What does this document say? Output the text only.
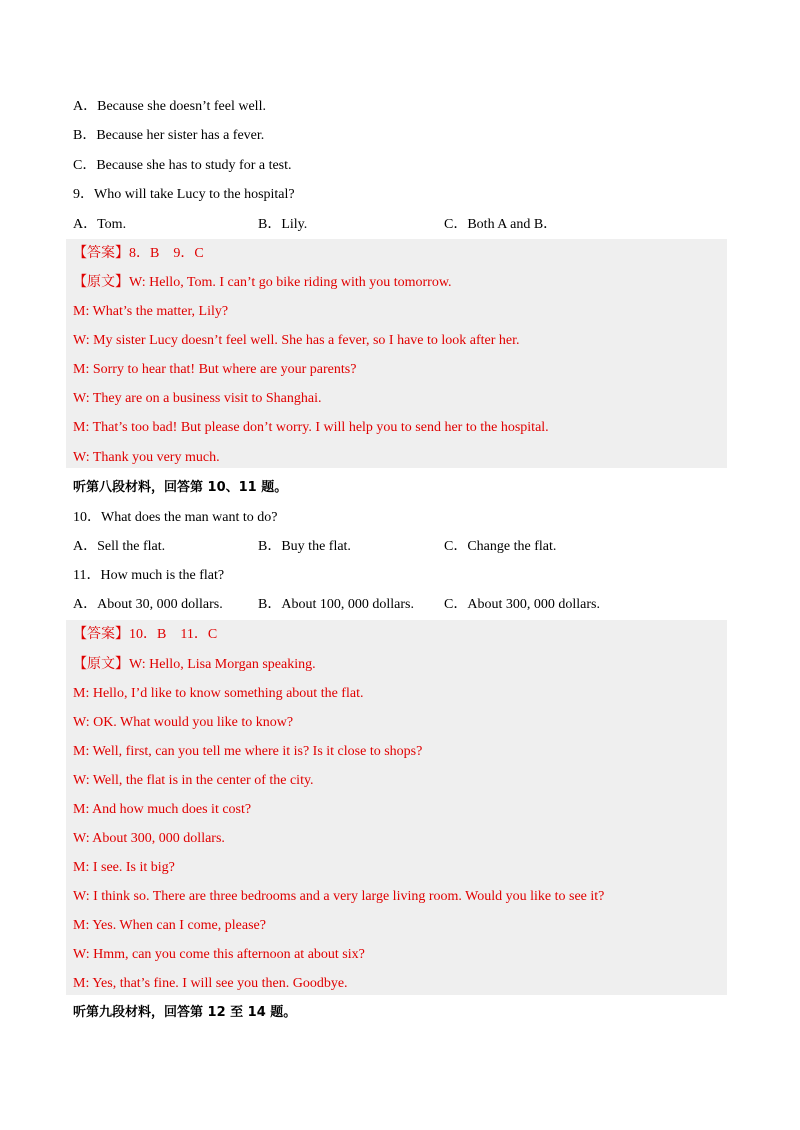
A．Because she doesn’t feel well.
B．Because her sister has a fever.
C．Because she has to study for a test.
9．Who will take Lucy to the hospital?
A．Tom.	B．Lily.	C．Both A and B．
【答案】8．B　9．C
【原文】W: Hello, Tom. I can’t go bike riding with you tomorrow.
M: What’s the matter, Lily?
W: My sister Lucy doesn’t feel well. She has a fever, so I have to look after her.
M: Sorry to hear that! But where are your parents?
W: They are on a business visit to Shanghai.
M: That’s too bad! But please don’t worry. I will help you to send her to the hospital.
W: Thank you very much.
听第八段材料，回答第 10、11 题。
10．What does the man want to do?
A．Sell the flat.	B．Buy the flat.	C．Change the flat.
11．How much is the flat?
A．About 30, 000 dollars.	B．About 100, 000 dollars. C．About 300, 000 dollars.
【答案】10．B　11．C
【原文】W: Hello, Lisa Morgan speaking.
M: Hello, I’d like to know something about the flat.
W: OK. What would you like to know?
M: Well, first, can you tell me where it is? Is it close to shops?
W: Well, the flat is in the center of the city.
M: And how much does it cost?
W: About 300, 000 dollars.
M: I see. Is it big?
W: I think so. There are three bedrooms and a very large living room. Would you like to see it?
M: Yes. When can I come, please?
W: Hmm, can you come this afternoon at about six?
M: Yes, that’s fine. I will see you then. Goodbye.
听第九段材料，回答第 12 至 14 题。
